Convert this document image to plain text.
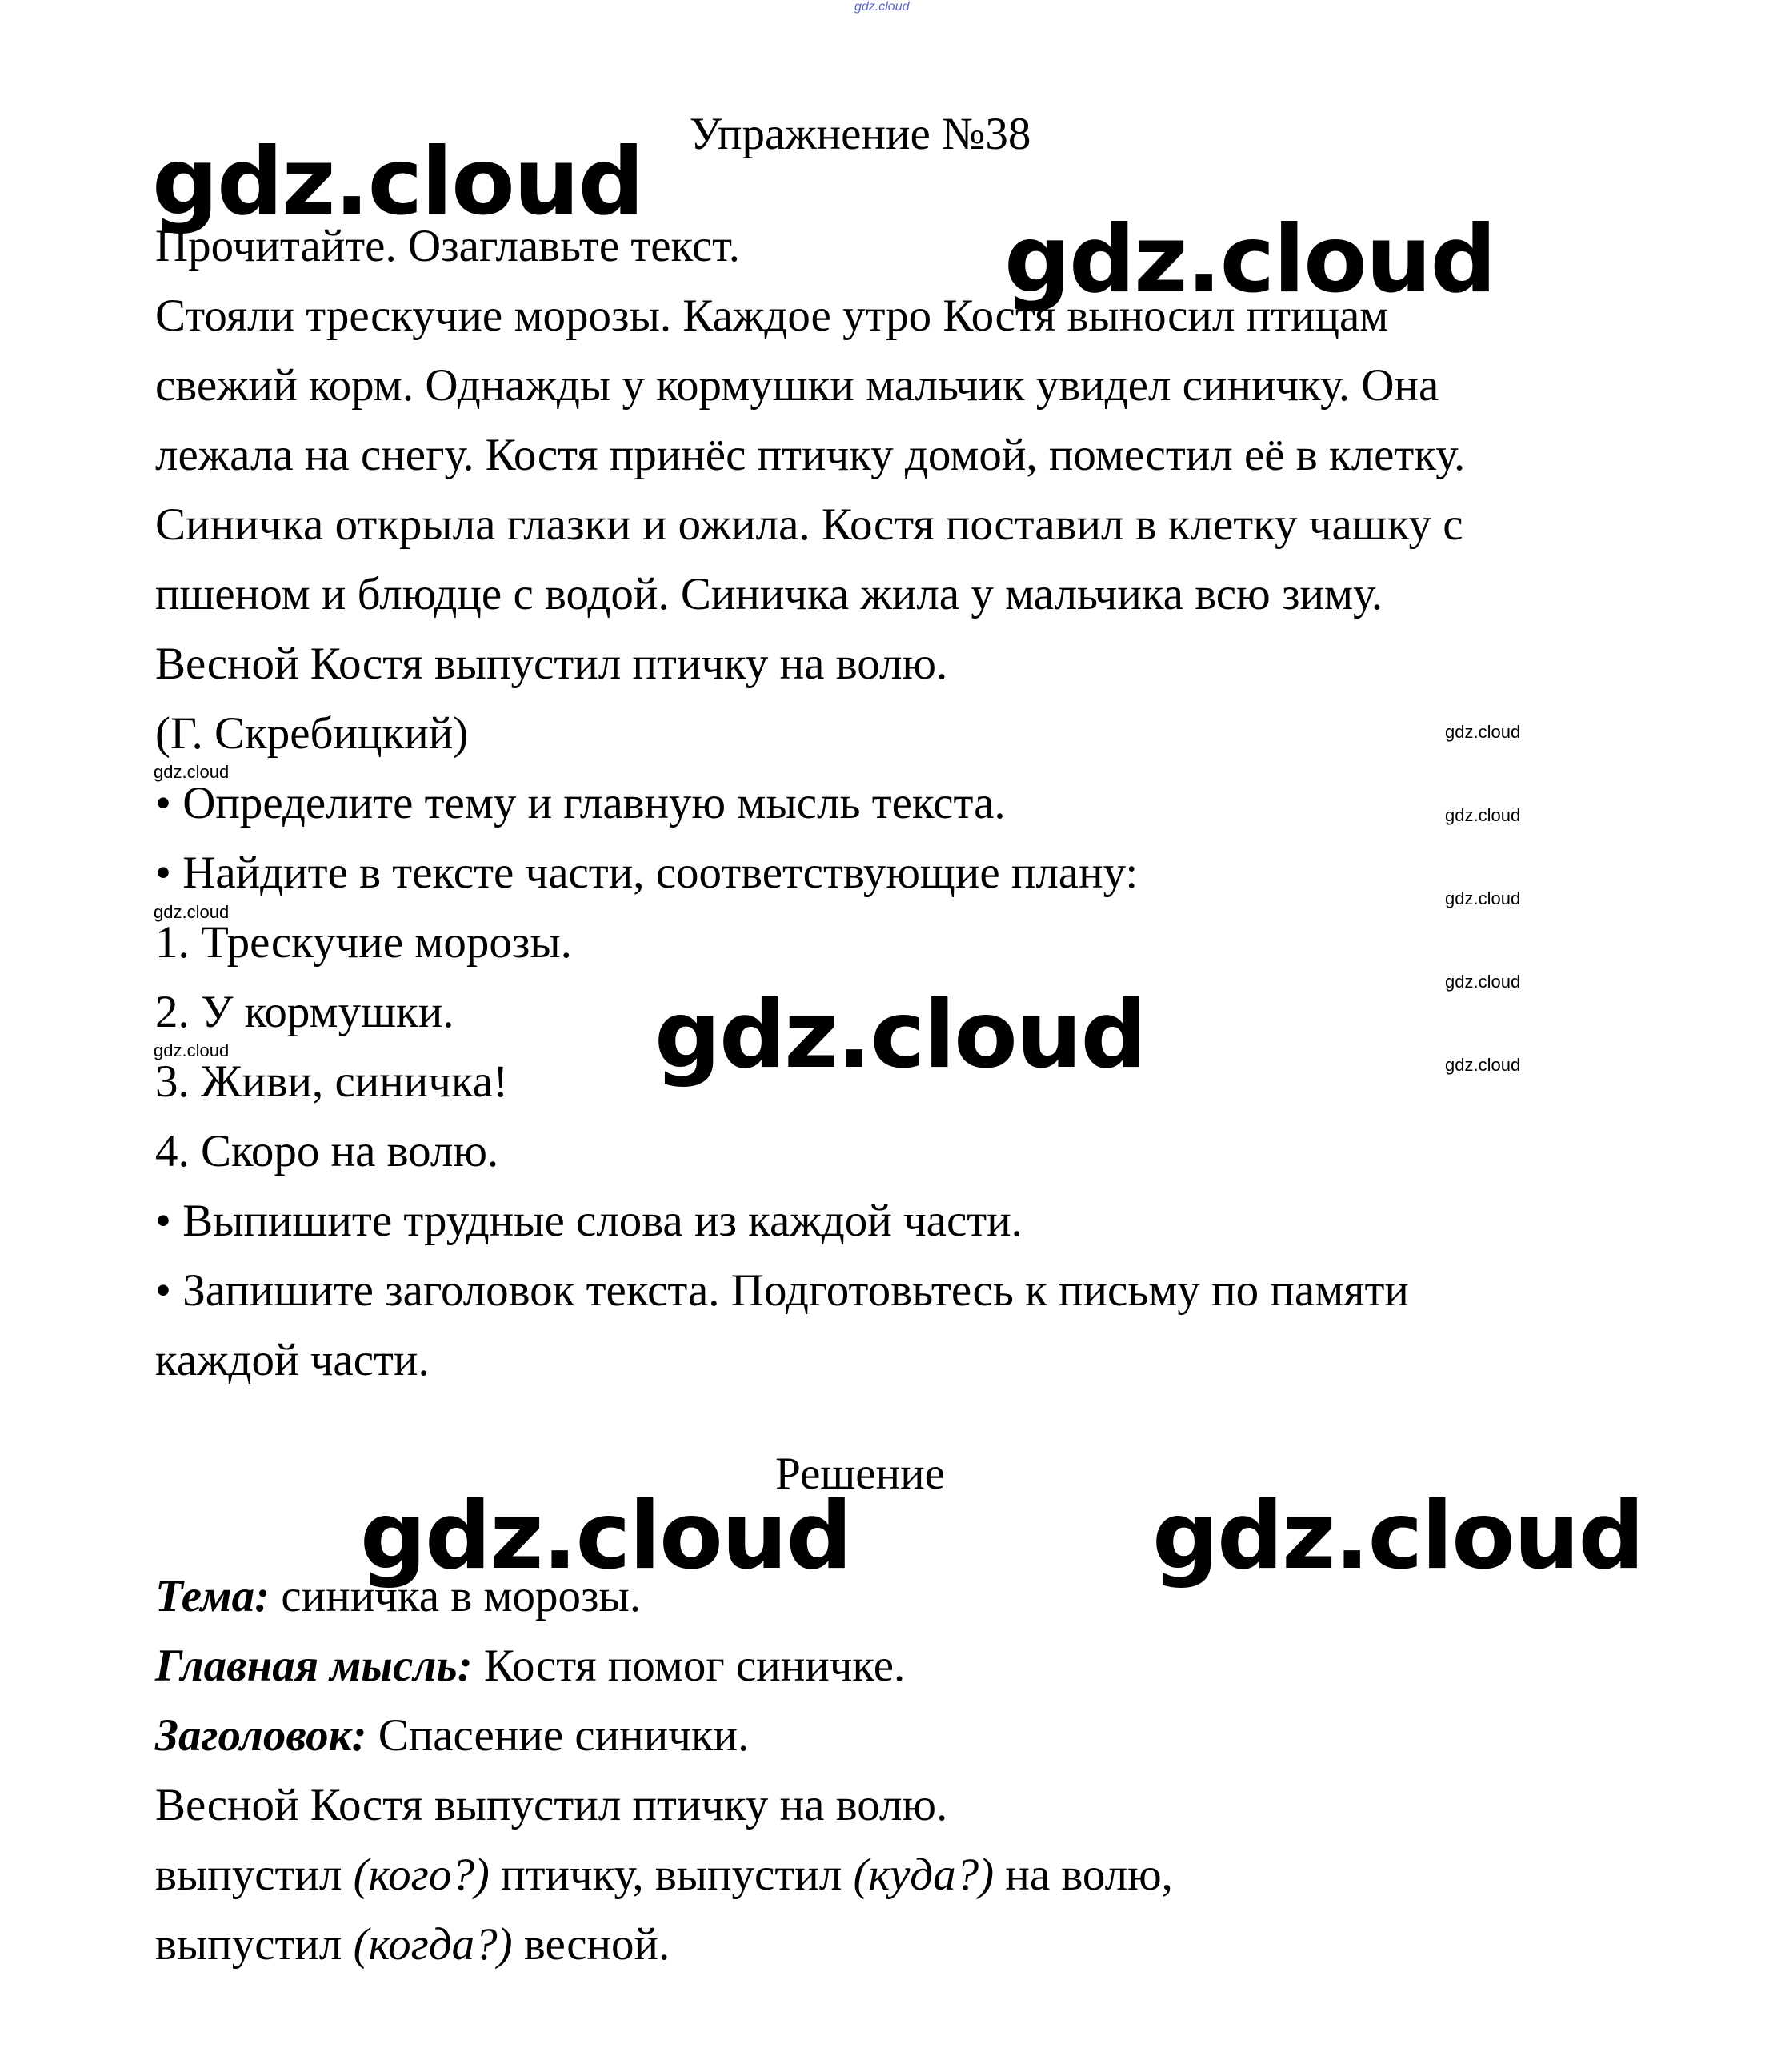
gdz.cloud
Упражнение №38
Прочитайте. Озаглавьте текст.
Стояли трескучие морозы. Каждое утро Костя выносил птицам
свежий корм. Однажды у кормушки мальчик увидел синичку. Она
лежала на снегу. Костя принёс птичку домой, поместил её в клетку.
Синичка открыла глазки и ожила. Костя поставил в клетку чашку с
пшеном и блюдце с водой. Синичка жила у мальчика всю зиму.
Весной Костя выпустил птичку на волю.
(Г. Скребицкий)
• Определите тему и главную мысль текста.
• Найдите в тексте части, соответствующие плану:
1. Трескучие морозы.
2. У кормушки.
3. Живи, синичка!
4. Скоро на волю.
• Выпишите трудные слова из каждой части.
• Запишите заголовок текста. Подготовьтесь к письму по памяти
каждой части.
Решение
Тема: синичка в морозы.
Главная мысль: Костя помог синичке.
Заголовок: Спасение синички.
Весной Костя выпустил птичку на волю.
выпустил (кого?) птичку, выпустил (куда?) на волю,
выпустил (когда?) весной.
gdz.cloud
gdz.cloud
gdz.cloud
gdz.cloud	gdz.cloud
gdz.cloud
gdz.cloud
gdz.cloud
gdz.cloud
gdz.cloud
gdz.cloud
gdz.cloud
gdz.cloud
